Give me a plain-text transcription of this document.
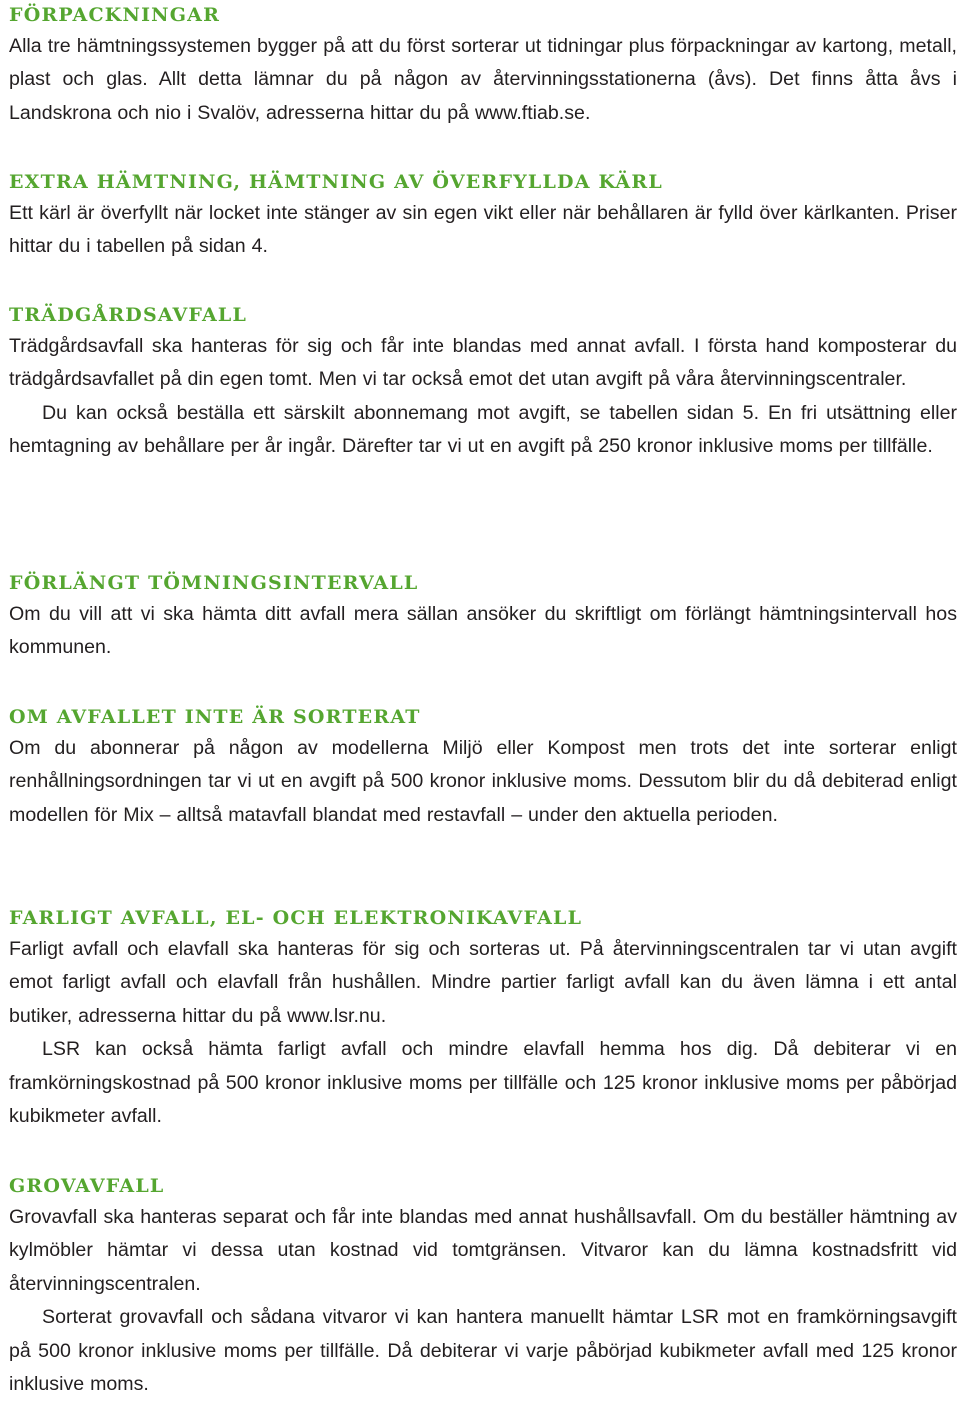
FÖRPACKNINGAR

Alla tre hämtningssystemen bygger på att du först sorterar ut tidningar plus förpackningar av kartong, metall, plast och glas. Allt detta lämnar du på någon av återvinningsstationerna (åvs). Det finns åtta åvs i Landskrona och nio i Svalöv, adresserna hittar du på www.ftiab.se.

EXTRA HÄMTNING, HÄMTNING AV ÖVERFYLLDA KÄRL

Ett kärl är överfyllt när locket inte stänger av sin egen vikt eller när behållaren är fylld över kärlkanten. Priser hittar du i tabellen på sidan 4.

TRÄDGÅRDSAVFALL

Trädgårdsavfall ska hanteras för sig och får inte blandas med annat avfall. I första hand komposterar du trädgårdsavfallet på din egen tomt. Men vi tar också emot det utan avgift på våra återvinningscentraler.

Du kan också beställa ett särskilt abonnemang mot avgift, se tabellen sidan 5. En fri utsättning eller hemtagning av behållare per år ingår. Därefter tar vi ut en avgift på 250 kronor inklusive moms per tillfälle.

FÖRLÄNGT TÖMNINGSINTERVALL

Om du vill att vi ska hämta ditt avfall mera sällan ansöker du skriftligt om förlängt hämtningsintervall hos kommunen.

OM AVFALLET INTE ÄR SORTERAT

Om du abonnerar på någon av modellerna Miljö eller Kompost men trots det inte sorterar enligt renhållningsordningen tar vi ut en avgift på 500 kronor inklusive moms. Dessutom blir du då debiterad enligt modellen för Mix – alltså matavfall blandat med restavfall – under den aktuella perioden.

FARLIGT AVFALL, EL- OCH ELEKTRONIKAVFALL

Farligt avfall och elavfall ska hanteras för sig och sorteras ut. På återvinningscentralen tar vi utan avgift emot farligt avfall och elavfall från hushållen. Mindre partier farligt avfall kan du även lämna i ett antal butiker, adresserna hittar du på www.lsr.nu.

LSR kan också hämta farligt avfall och mindre elavfall hemma hos dig. Då debiterar vi en framkörningskostnad på 500 kronor inklusive moms per tillfälle och 125 kronor inklusive moms per påbörjad kubikmeter avfall.

GROVAVFALL

Grovavfall ska hanteras separat och får inte blandas med annat hushållsavfall. Om du beställer hämtning av kylmöbler hämtar vi dessa utan kostnad vid tomtgränsen. Vitvaror kan du lämna kostnadsfritt vid återvinningscentralen.

Sorterat grovavfall och sådana vitvaror vi kan hantera manuellt hämtar LSR mot en framkörningsavgift på 500 kronor inklusive moms per tillfälle. Då debiterar vi varje påbörjad kubikmeter avfall med 125 kronor inklusive moms.
